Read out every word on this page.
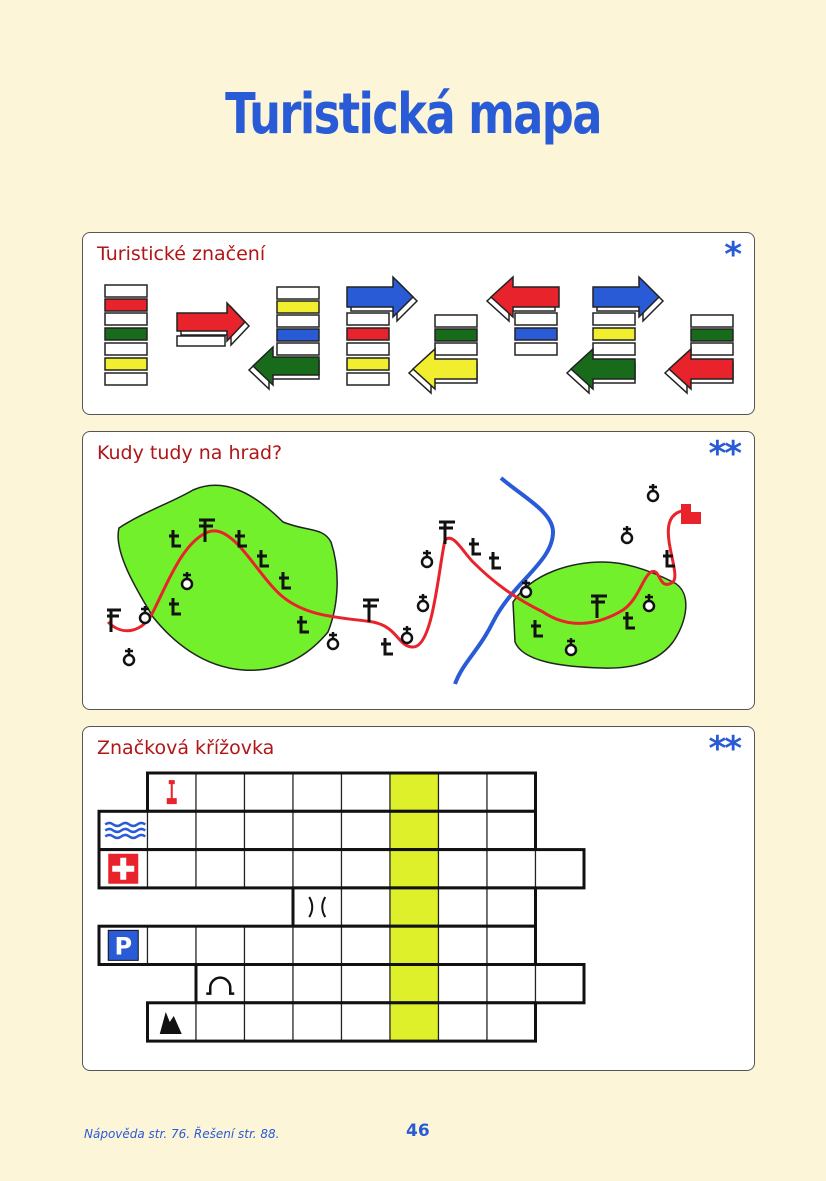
Turistická mapa
Turistické značení	*
Kudy tudy na hrad?	**
Značková křížovka	**
P
Nápověda str. 76. Řešení str. 88.	46
